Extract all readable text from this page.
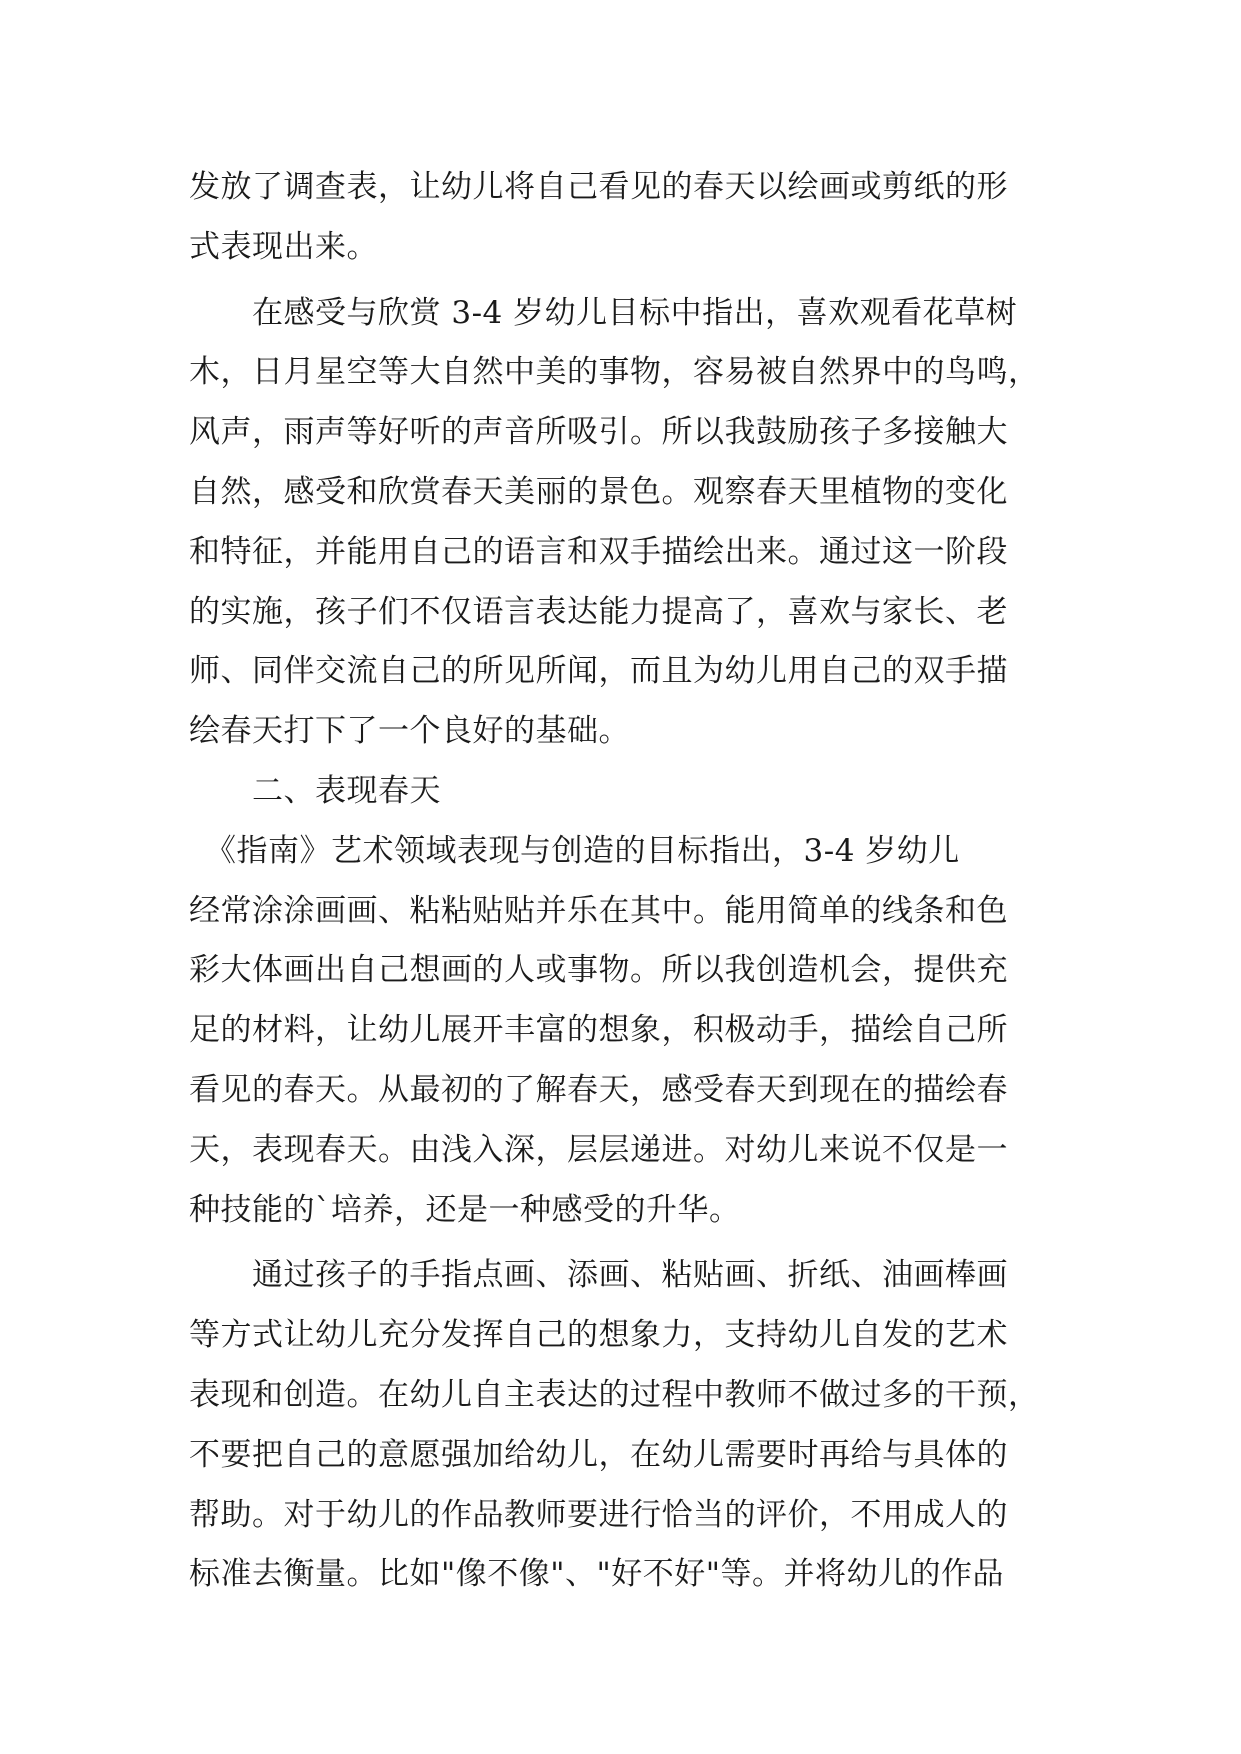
发放了调查表，让幼儿将自己看见的春天以绘画或剪纸的形
式表现出来。
　　在感受与欣赏 3-4 岁幼儿目标中指出，喜欢观看花草树
木，日月星空等大自然中美的事物，容易被自然界中的鸟鸣，
风声，雨声等好听的声音所吸引。所以我鼓励孩子多接触大
自然，感受和欣赏春天美丽的景色。观察春天里植物的变化
和特征，并能用自己的语言和双手描绘出来。通过这一阶段
的实施，孩子们不仅语言表达能力提高了，喜欢与家长、老
师、同伴交流自己的所见所闻，而且为幼儿用自己的双手描
绘春天打下了一个良好的基础。
　　二、表现春天
　《指南》艺术领域表现与创造的目标指出，3-4 岁幼儿
经常涂涂画画、粘粘贴贴并乐在其中。能用简单的线条和色
彩大体画出自己想画的人或事物。所以我创造机会，提供充
足的材料，让幼儿展开丰富的想象，积极动手，描绘自己所
看见的春天。从最初的了解春天，感受春天到现在的描绘春
天，表现春天。由浅入深，层层递进。对幼儿来说不仅是一
种技能的`培养，还是一种感受的升华。
　　通过孩子的手指点画、添画、粘贴画、折纸、油画棒画
等方式让幼儿充分发挥自己的想象力，支持幼儿自发的艺术
表现和创造。在幼儿自主表达的过程中教师不做过多的干预，
不要把自己的意愿强加给幼儿，在幼儿需要时再给与具体的
帮助。对于幼儿的作品教师要进行恰当的评价，不用成人的
标准去衡量。比如"像不像"、"好不好"等。并将幼儿的作品
